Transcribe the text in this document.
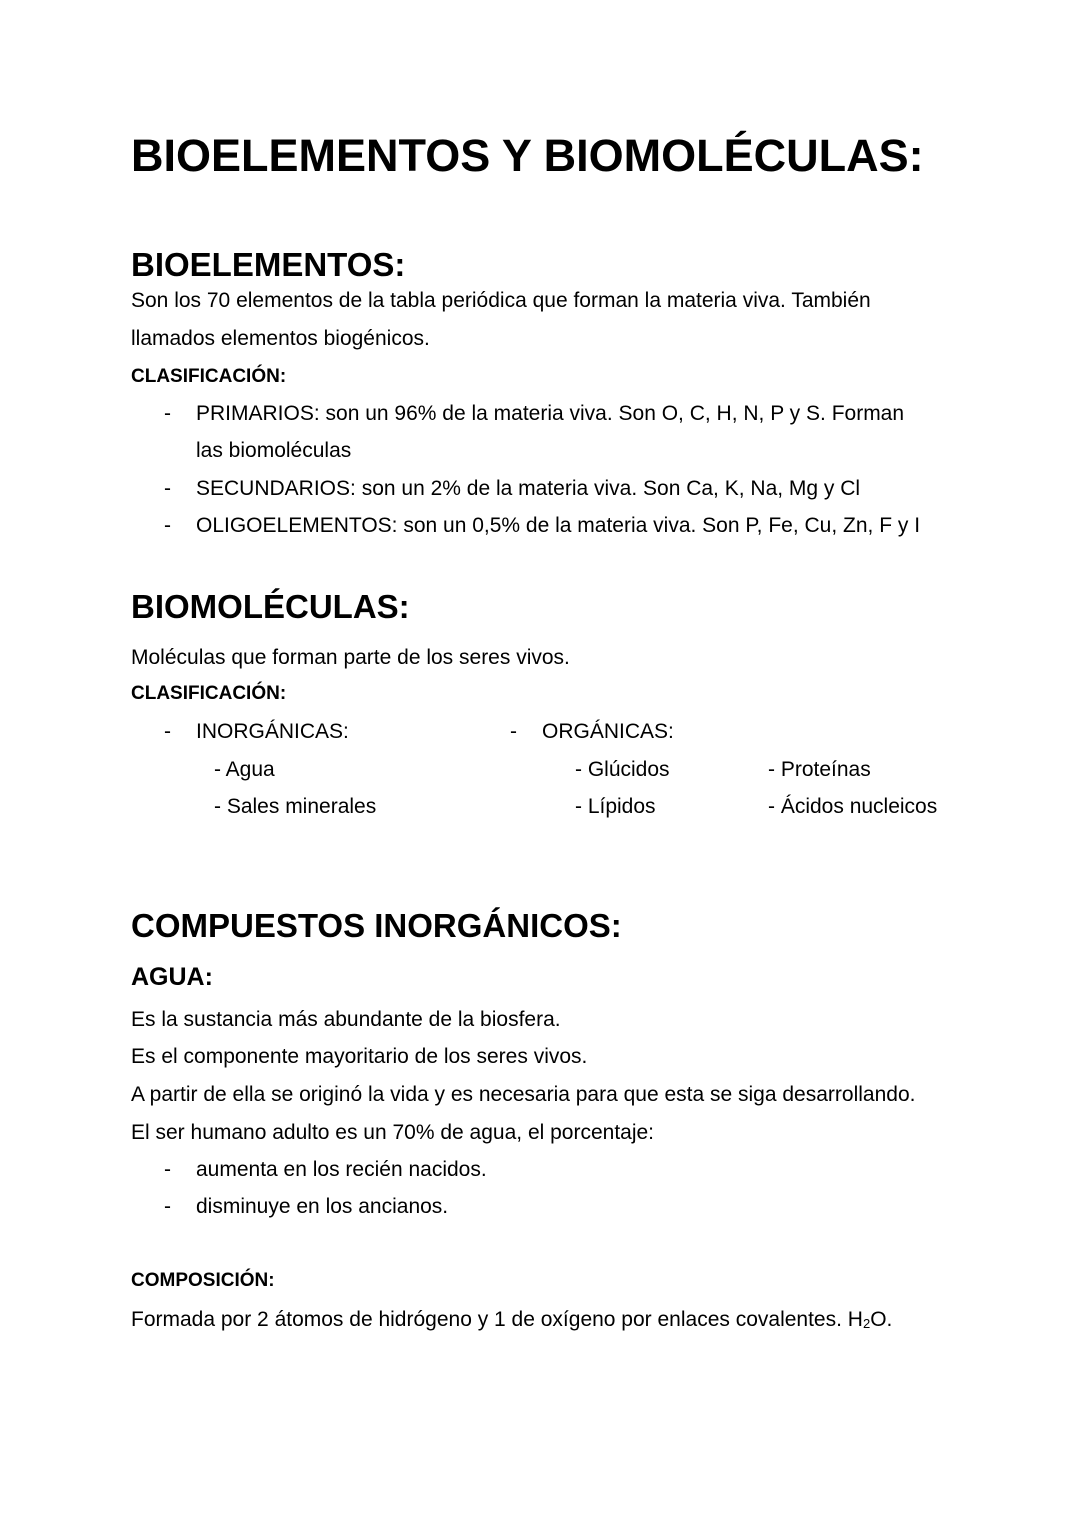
BIOELEMENTOS Y BIOMOLÉCULAS:
BIOELEMENTOS:
Son los 70 elementos de la tabla periódica que forman la materia viva. También
llamados elementos biogénicos.
CLASIFICACIÓN:
- PRIMARIOS: son un 96% de la materia viva. Son O, C, H, N, P y S. Forman
las biomoléculas
- SECUNDARIOS: son un 2% de la materia viva. Son Ca, K, Na, Mg y Cl
- OLIGOELEMENTOS: son un 0,5% de la materia viva. Son P, Fe, Cu, Zn, F y I
BIOMOLÉCULAS:
Moléculas que forman parte de los seres vivos.
CLASIFICACIÓN:
- INORGÁNICAS:
- Agua
- Sales minerales
- ORGÁNICAS:
- Glúcidos
- Lípidos
- Proteínas
- Ácidos nucleicos
COMPUESTOS INORGÁNICOS:
AGUA:
Es la sustancia más abundante de la biosfera.
Es el componente mayoritario de los seres vivos.
A partir de ella se originó la vida y es necesaria para que esta se siga desarrollando.
El ser humano adulto es un 70% de agua, el porcentaje:
- aumenta en los recién nacidos.
- disminuye en los ancianos.
COMPOSICIÓN:
Formada por 2 átomos de hidrógeno y 1 de oxígeno por enlaces covalentes. $H_2O$.
